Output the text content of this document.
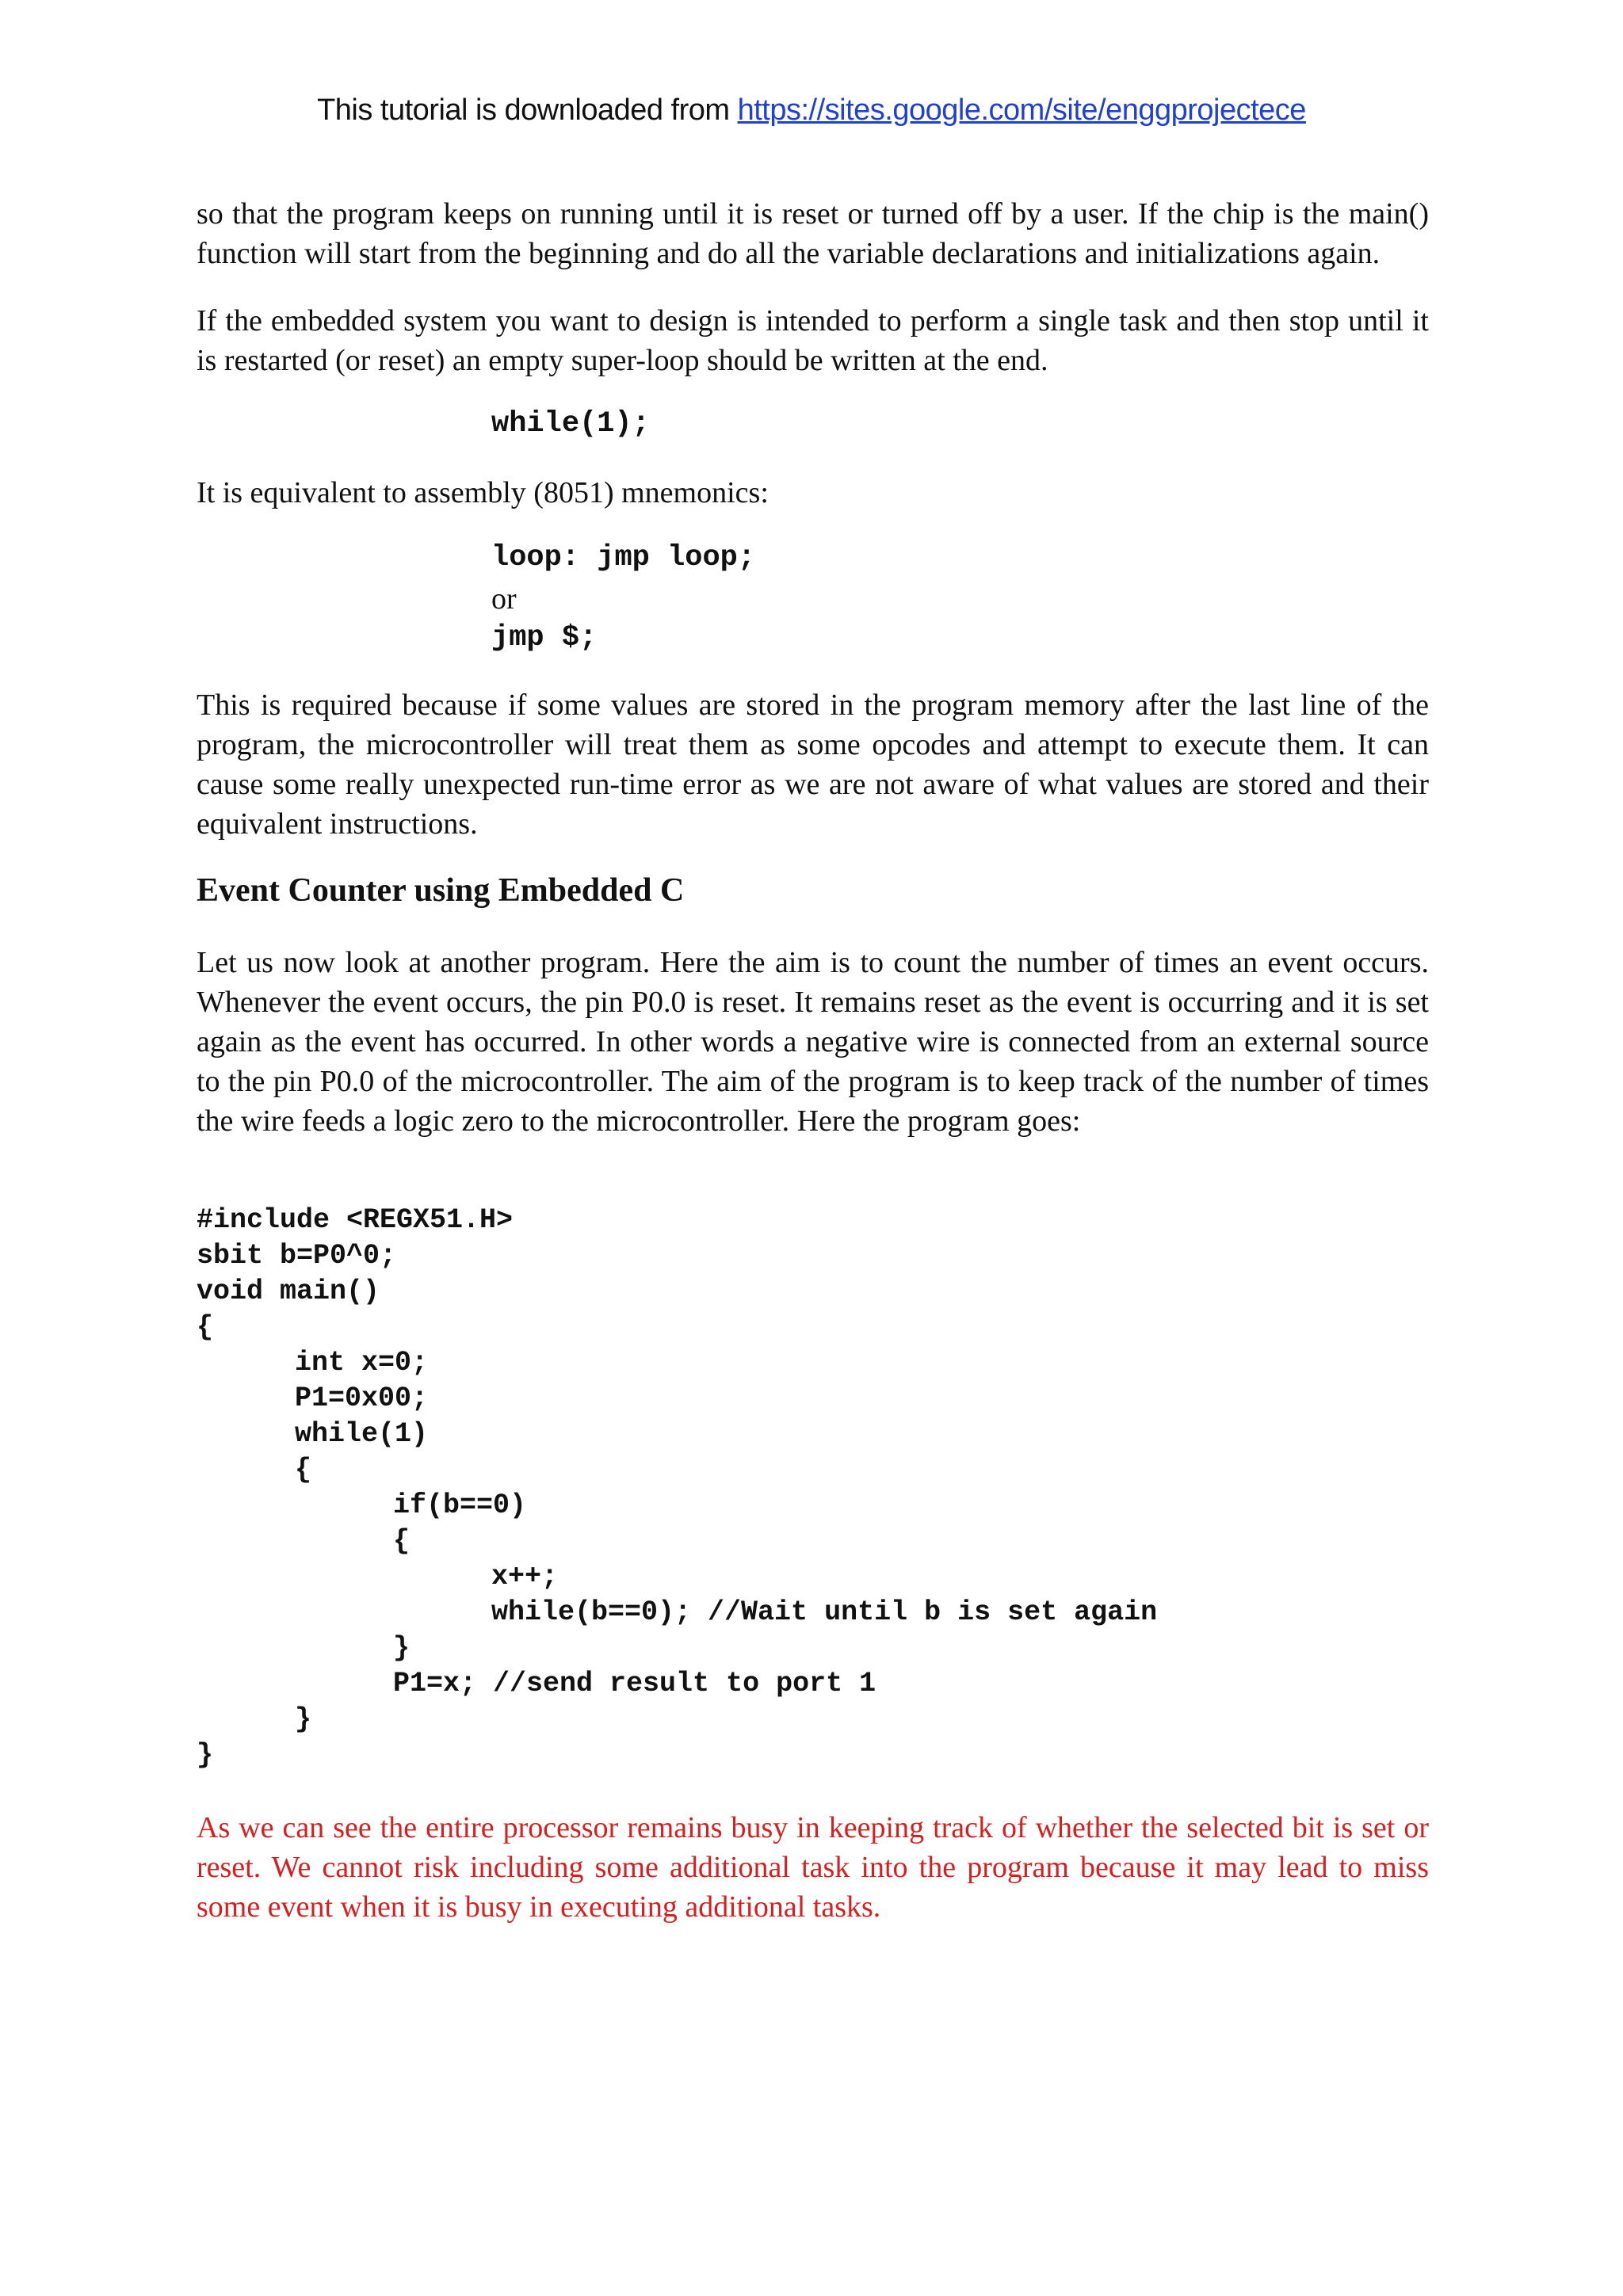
This tutorial is downloaded from https://sites.google.com/site/enggprojectece

so that the program keeps on running until it is reset or turned off by a user. If the chip is the main() function will start from the beginning and do all the variable declarations and initializations again.

If the embedded system you want to design is intended to perform a single task and then stop until it is restarted (or reset) an empty super-loop should be written at the end.

while(1);

It is equivalent to assembly (8051) mnemonics:

loop: jmp loop;
or
jmp $;

This is required because if some values are stored in the program memory after the last line of the program, the microcontroller will treat them as some opcodes and attempt to execute them. It can cause some really unexpected run-time error as we are not aware of what values are stored and their equivalent instructions.

Event Counter using Embedded C

Let us now look at another program. Here the aim is to count the number of times an event occurs. Whenever the event occurs, the pin P0.0 is reset. It remains reset as the event is occurring and it is set again as the event has occurred. In other words a negative wire is connected from an external source to the pin P0.0 of the microcontroller. The aim of the program is to keep track of the number of times the wire feeds a logic zero to the microcontroller. Here the program goes:

#include <REGX51.H>
sbit b=P0^0;
void main()
{
int x=0;
P1=0x00;
while(1)
{
if(b==0)
{
x++;
while(b==0); //Wait until b is set again
}
P1=x; //send result to port 1
}
}

As we can see the entire processor remains busy in keeping track of whether the selected bit is set or reset. We cannot risk including some additional task into the program because it may lead to miss some event when it is busy in executing additional tasks.
